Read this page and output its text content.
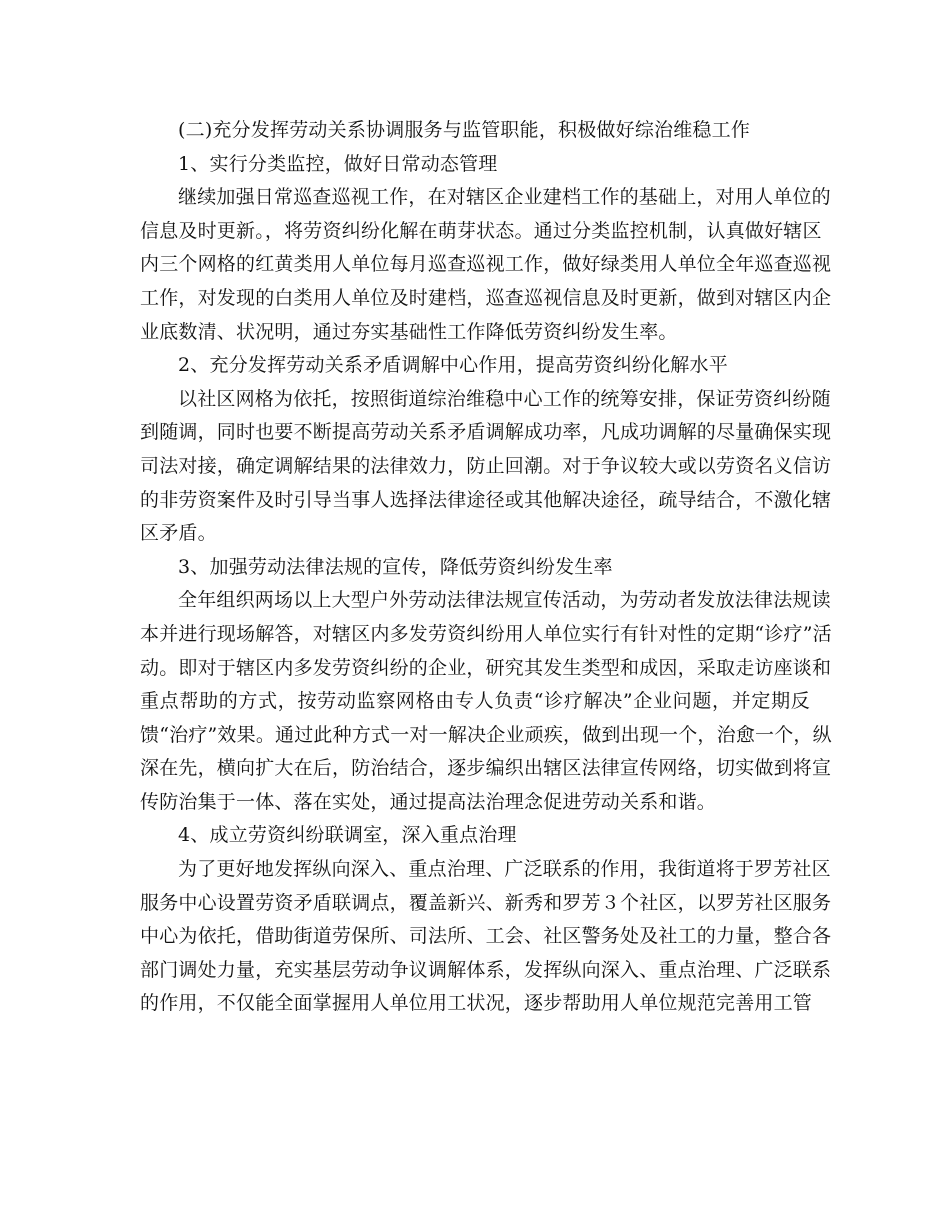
(二)充分发挥劳动关系协调服务与监管职能，积极做好综治维稳工作
1、实行分类监控，做好日常动态管理
继续加强日常巡查巡视工作，在对辖区企业建档工作的基础上，对用人单位的
信息及时更新。，将劳资纠纷化解在萌芽状态。通过分类监控机制，认真做好辖区
内三个网格的红黄类用人单位每月巡查巡视工作，做好绿类用人单位全年巡查巡视
工作，对发现的白类用人单位及时建档，巡查巡视信息及时更新，做到对辖区内企
业底数清、状况明，通过夯实基础性工作降低劳资纠纷发生率。
2、充分发挥劳动关系矛盾调解中心作用，提高劳资纠纷化解水平
以社区网格为依托，按照街道综治维稳中心工作的统筹安排，保证劳资纠纷随
到随调，同时也要不断提高劳动关系矛盾调解成功率，凡成功调解的尽量确保实现
司法对接，确定调解结果的法律效力，防止回潮。对于争议较大或以劳资名义信访
的非劳资案件及时引导当事人选择法律途径或其他解决途径，疏导结合，不激化辖
区矛盾。
3、加强劳动法律法规的宣传，降低劳资纠纷发生率
全年组织两场以上大型户外劳动法律法规宣传活动，为劳动者发放法律法规读
本并进行现场解答，对辖区内多发劳资纠纷用人单位实行有针对性的定期“诊疗”活
动。即对于辖区内多发劳资纠纷的企业，研究其发生类型和成因，采取走访座谈和
重点帮助的方式，按劳动监察网格由专人负责“诊疗解决”企业问题，并定期反
馈“治疗”效果。通过此种方式一对一解决企业顽疾，做到出现一个，治愈一个，纵
深在先，横向扩大在后，防治结合，逐步编织出辖区法律宣传网络，切实做到将宣
传防治集于一体、落在实处，通过提高法治理念促进劳动关系和谐。
4、成立劳资纠纷联调室，深入重点治理
为了更好地发挥纵向深入、重点治理、广泛联系的作用，我街道将于罗芳社区
服务中心设置劳资矛盾联调点，覆盖新兴、新秀和罗芳３个社区，以罗芳社区服务
中心为依托，借助街道劳保所、司法所、工会、社区警务处及社工的力量，整合各
部门调处力量，充实基层劳动争议调解体系，发挥纵向深入、重点治理、广泛联系
的作用，不仅能全面掌握用人单位用工状况，逐步帮助用人单位规范完善用工管
